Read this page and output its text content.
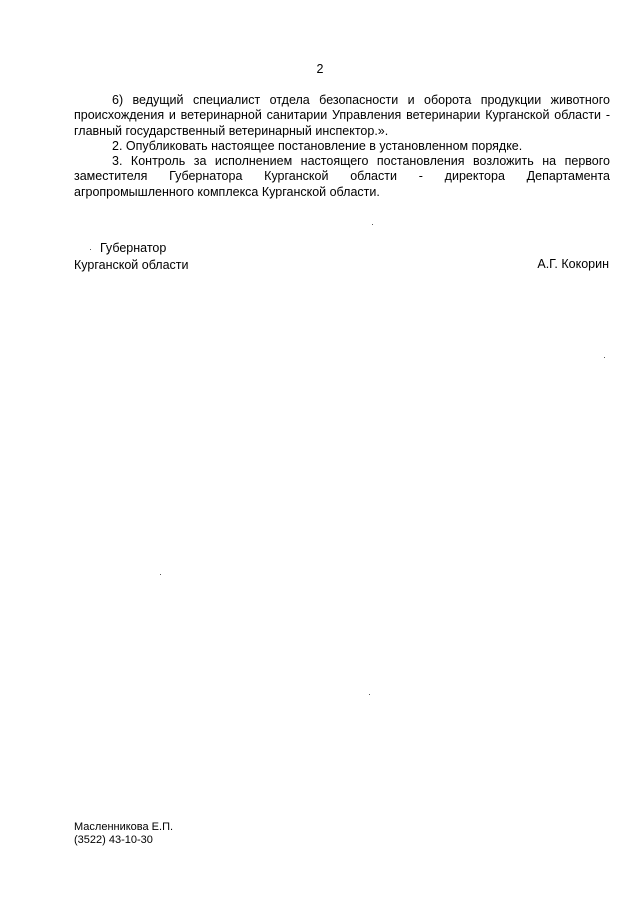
2

6) ведущий специалист отдела безопасности и оборота продукции животного происхождения и ветеринарной санитарии Управления ветеринарии Курганской области - главный государственный ветеринарный инспектор.».

2. Опубликовать настоящее постановление в установленном порядке.

3. Контроль за исполнением настоящего постановления возложить на первого заместителя Губернатора Курганской области - директора Департамента агропромышленного комплекса Курганской области.

Губернатор
Курганской области	А.Г. Кокорин
Масленникова Е.П.
(3522) 43-10-30
